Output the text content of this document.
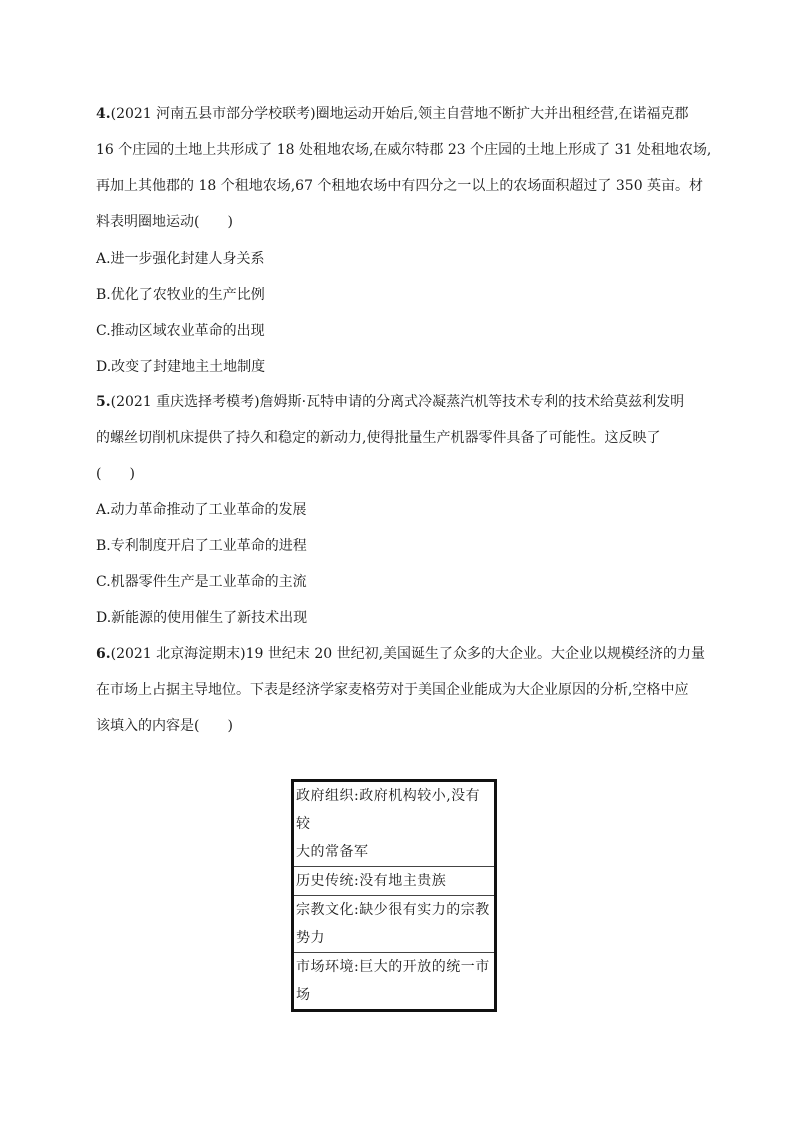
4.(2021 河南五县市部分学校联考)圈地运动开始后,领主自营地不断扩大并出租经营,在诺福克郡
16 个庄园的土地上共形成了 18 处租地农场,在威尔特郡 23 个庄园的土地上形成了 31 处租地农场,
再加上其他郡的 18 个租地农场,67 个租地农场中有四分之一以上的农场面积超过了 350 英亩。材
料表明圈地运动(　　)
A.进一步强化封建人身关系
B.优化了农牧业的生产比例
C.推动区域农业革命的出现
D.改变了封建地主土地制度
5.(2021 重庆选择考模考)詹姆斯·瓦特申请的分离式冷凝蒸汽机等技术专利的技术给莫兹利发明
的螺丝切削机床提供了持久和稳定的新动力,使得批量生产机器零件具备了可能性。这反映了
(　　)
A.动力革命推动了工业革命的发展
B.专利制度开启了工业革命的进程
C.机器零件生产是工业革命的主流
D.新能源的使用催生了新技术出现
6.(2021 北京海淀期末)19 世纪末 20 世纪初,美国诞生了众多的大企业。大企业以规模经济的力量
在市场上占据主导地位。下表是经济学家麦格劳对于美国企业能成为大企业原因的分析,空格中应
该填入的内容是(　　)
政府组织:政府机构较小,没有较
大的常备军
历史传统:没有地主贵族
宗教文化:缺少很有实力的宗教
势力
市场环境:巨大的开放的统一市
场
